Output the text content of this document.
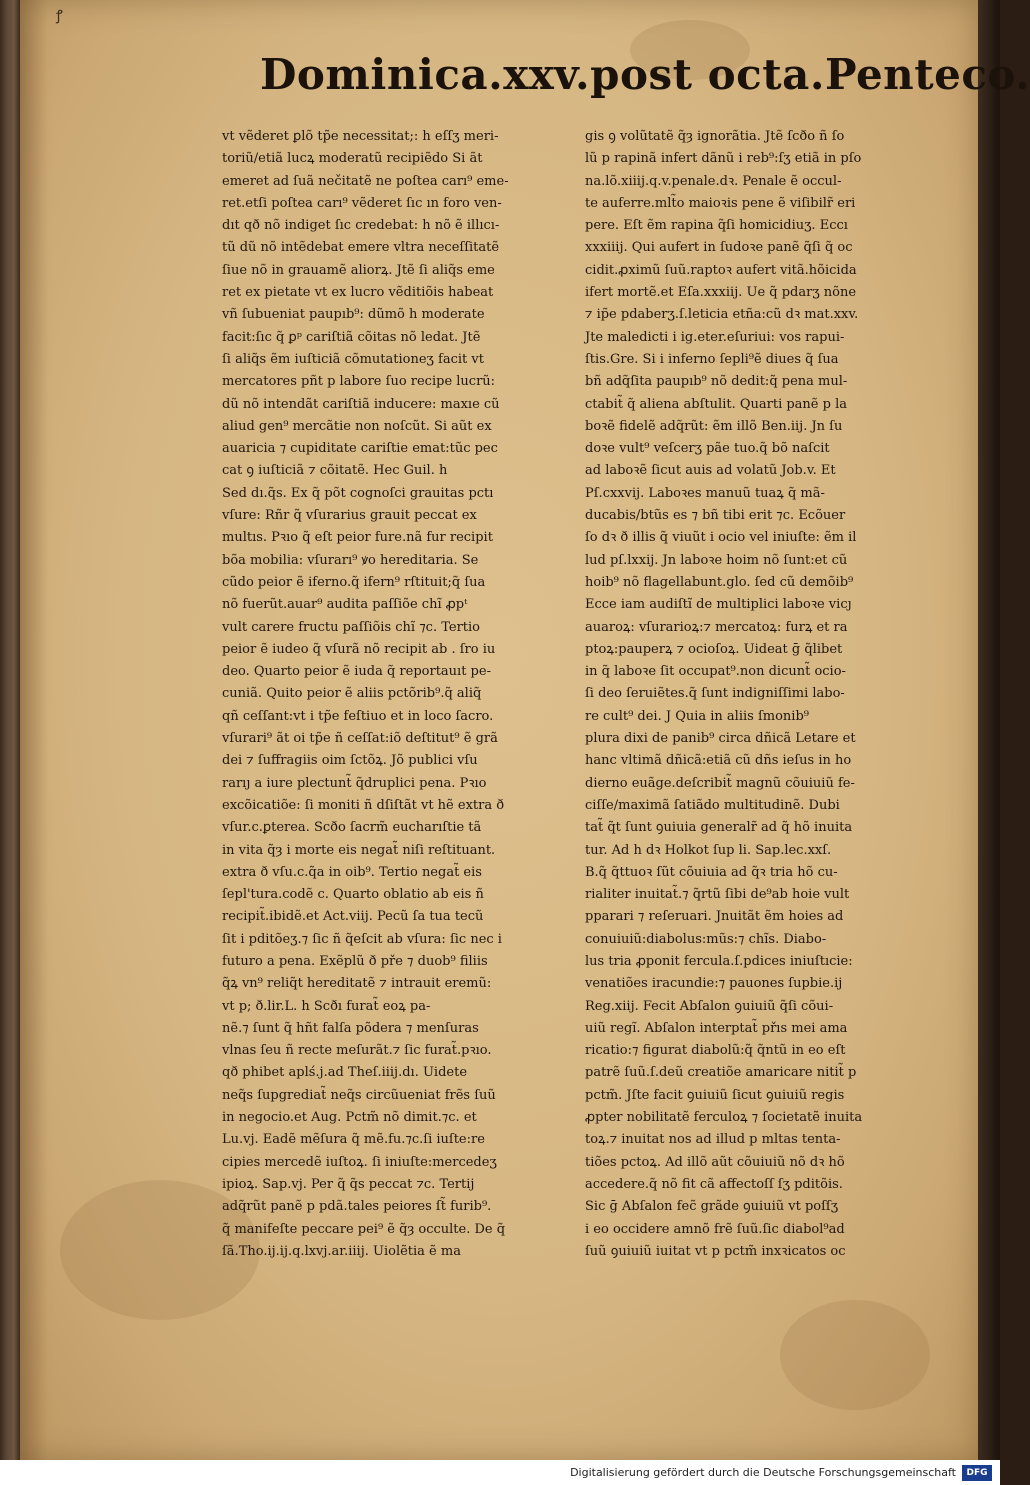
ꝭ
Dominica.xxv.post octa.Penteco.
vt vẽderet ꝑlõ tp̃e necessitat;: h eſſʒ meri-
toriũ/etiã lucꝝ moderatũ recipiẽdo Si ãt
emeret ad ſuã nečitatẽ ne poſtea carı⁹ eme-
ret.etſi poſtea carı⁹ vẽderet ſıc ın foro ven-
dıt qð nõ indiget ſıc credebat: h nõ ẽ illıcı-
tũ dũ nõ intẽdebat emere vltra neceſſitatẽ
ſiue nõ in grauamẽ aliorꝝ. Jtẽ ſi aliq̃s eme
ret ex pietate vt ex lucro vẽditiõis habeat
vñ ſubueniat paupıb⁹: dũmõ h moderate
facit:ſıc q̃ ꝑᵖ cariſtiã cõitas nõ ledat. Jtẽ
ſi aliq̃s ẽm iuſticiã cõmutationeʒ facit vt
mercatores pñt p labore ſuo recipe lucrũ:
dũ nõ intendãt cariſtiã inducere: maxıe cũ
aliud gen⁹ mercãtie non noſcũt. Si aũt ex
auaricia ⁊ cupiditate cariſtie emat:tũc pec
cat ꝯ iuſticiã ⁊ cõitatẽ. Hec Guil. h
Sed dı.q̃s. Ex q̃ põt cognoſci grauitas pctı
vſure: Rñr q̃ vſurarius grauit peccat ex
multıs. Pꝛıo q̃ eſt peior fure.nã fur recipit
bõa mobilia: vſurarı⁹ ꝟo hereditaria. Se
cũdo peior ẽ iferno.q̃ ifern⁹ rſtituit;q̃ ſua
nõ fuerũt.auar⁹ audita paſſiõe chı̃ ꝓpᵗ
vult carere fructu paſſiõis chı̃ ⁊c. Tertio
peior ẽ iudeo q̃ vſurã nõ recipit ab . ſro iu
deo. Quarto peior ẽ iuda q̃ reportauıt pe-
cuniã. Quito peior ẽ aliis pctõrib⁹.q̃ aliq̃
qñ ceſſant:vt i tp̃e feſtiuo et in loco ſacro.
vſurari⁹ ãt oi tp̃e ñ ceſſat:iõ deſtitut⁹ ẽ grã
dei ⁊ ſuffragiis oim ſctõꝝ. Jõ publici vſu
rarıȷ a iure plectunt̃ q̃druplici pena. Pꝛıo
excõicatiõe: ſi moniti ñ dſiſtãt vt hẽ extra ð
vſur.c.ꝑterea. Scðo ſacrm̃ eucharıſtie tã
in vita q̃ȝ i morte eis negat̃ niſi reſtituant.
extra ð vſu.c.q̃a in oib⁹. Tertio negat̃ eis
ſepl'tura.codẽ c. Quarto oblatio ab eis ñ
recipit̃.ibidẽ.et Act.viij. Pecũ ſa tua tecũ
ſit i pditõeʒ.⁊ ſic ñ q̃eſcit ab vſura: ſic nec i
futuro a pena. Exẽplũ ð pře ⁊ duob⁹ filiis
q̃ꝝ vn⁹ reliq̃t hereditatẽ ⁊ intrauit eremũ:
vt p; ð.lir.L. h Scðı furat̃ eoꝝ pa-
nẽ.⁊ ſunt q̃ hñt falſa põdera ⁊ menſuras
vlnas ſeu ñ recte meſurãt.⁊ ſic furat̃.pꝛıo.
qð phibet aplś.j.ad Theſ.iiij.dı. Uidete
neq̃s ſupgrediat̃ neq̃s circũueniat frẽs ſuũ
in negocio.et Aug. Pctm̃ nõ dimit.⁊c. et
Lu.vj. Eadẽ mẽſura q̃ mẽ.fu.⁊c.ſi iuſte:re
cipies mercedẽ iuſtoꝝ. ſi iniuſte:mercedeʒ
ipioꝝ. Sap.vj. Per q̃ q̃s peccat ⁊c. Tertij
adq̃rũt panẽ p pdã.tales peiores ſt̃ furib⁹.
q̃ manifeſte peccare pei⁹ ẽ q̃ȝ occulte. De q̃
ſã.Tho.ij.ij.q.lxvj.ar.iiij. Uiolẽtia ẽ ma
gis ꝯ volũtatẽ q̃ȝ ignorãtia. Jtẽ ſcðo ñ ſo
lũ p rapinã infert dãnũ i reb⁹:ſʒ etiã in pſo
na.lõ.xiiij.q.v.penale.dꝛ. Penale ẽ occul-
te auferre.mlt̃o maioꝛis pene ẽ viſibilr̃ eri
pere. Eſt ẽm rapina q̃ſi homicidiuʒ. Eccı
xxxiiij. Qui aufert in ſudoꝛe panẽ q̃ſi q̃ oc
cidit.ꝓximũ ſuũ.raptoꝛ aufert vitã.hõicida
ifert mortẽ.et Eſa.xxxiij. Ue q̃ pdarʒ nõne
⁊ ip̃e pdaberʒ.ſ.leticia etña:cũ dꝛ mat.xxv.
Jte maledicti i ig.eter.eſuriui: vos rapui-
ſtis.Gre. Si i inferno ſepli⁹ẽ diues q̃ ſua
bñ adq̃ſita paupıb⁹ nõ dedit:q̃ pena mul-
ctabit̃ q̃ aliena abſtulit. Quarti panẽ p la
boꝛẽ fidelẽ adq̃rũt: ẽm illõ Ben.iij. Jn ſu
doꝛe vult⁹ veſcerʒ pãe tuo.q̃ bõ naſcit
ad laboꝛẽ ſicut auis ad volatũ Job.v. Et
Pſ.cxxvij. Laboꝛes manuũ tuaꝝ q̃ mã-
ducabis/btũs es ⁊ bñ tibi erit ⁊c. Ecõuer
ſo dꝛ ð illis q̃ viuũt i ocio vel iniuſte: ẽm il
lud pſ.lxxij. Jn laboꝛe hoim nõ ſunt:et cũ
hoib⁹ nõ flagellabunt.glo. ſed cũ demõib⁹
Ecce iam audiſtı̃ de multiplici laboꝛe vicȷ
auaroꝝ: vſurarioꝝ:⁊ mercatoꝝ: furꝝ et ra
ptoꝝ:pauperꝝ ⁊ ocioſoꝝ. Uideat ḡ q̃libet
in q̃ laboꝛe ſit occupat⁹.non dicunt̃ ocio-
ſi deo ſeruiẽtes.q̃ ſunt indigniſſimi labo-
re cult⁹ dei. J Quia in aliis ſmonib⁹
plura dixi de panib⁹ circa dñicã Letare et
hanc vltimã dñicã:etiã cũ dñs ieſus in ho
dierno euãge.deſcribit̃ magnũ cõuiuiũ fe-
ciſſe/maximã ſatiãdo multitudinẽ. Dubi
tat̃ q̃t ſunt ꝯuiuia generalr̃ ad q̃ hõ inuita
tur. Ad h dꝛ Holkot ſup li. Sap.lec.xxſ.
B.q̃ q̃ttuoꝛ ſũt cõuiuia ad q̃ꝛ tria hõ cu-
rialiter inuitat̃.⁊ q̃rtũ ſibi de⁹ab hoie vult
pparari ⁊ reſeruari. Jnuitãt ẽm hoies ad
conuiuiũ:diabolus:mũs:⁊ chı̃s. Diabo-
lus tria ꝓponit fercula.ſ.pdices iniuſtıcie:
venatiões iracundie:⁊ pauones ſupbie.ij
Reg.xiij. Fecit Abſalon ꝯuiuiũ q̃ſi cõui-
uiũ regı̃. Abſalon interptat̃ přıs mei ama
ricatio:⁊ figurat diabolũ:q̃ q̃ntũ in eo eſt
patrẽ ſuũ.ſ.deũ creatiõe amaricare nitit̃ p
pctm̃. Jſte facit ꝯuiuiũ ſicut ꝯuiuiũ regis
ꝓpter nobilitatẽ ferculoꝝ ⁊ ſocietatẽ inuita
toꝝ.⁊ inuitat nos ad illud p mltas tenta-
tiões pctoꝝ. Ad illõ aũt cõuiuiũ nõ dꝛ hõ
accedere.q̃ nõ fit cã affectoſſ ſʒ pditõis.
Sic ḡ Abſalon fec̃ grãde ꝯuiuiũ vt poſſʒ
i eo occidere amnõ frẽ ſuũ.ſic diabol⁹ad
ſuũ ꝯuiuiũ iuitat vt p pctm̃ inxꝛicatos oc
Digitalisierung gefördert durch die Deutsche Forschungsgemeinschaft	DFG
